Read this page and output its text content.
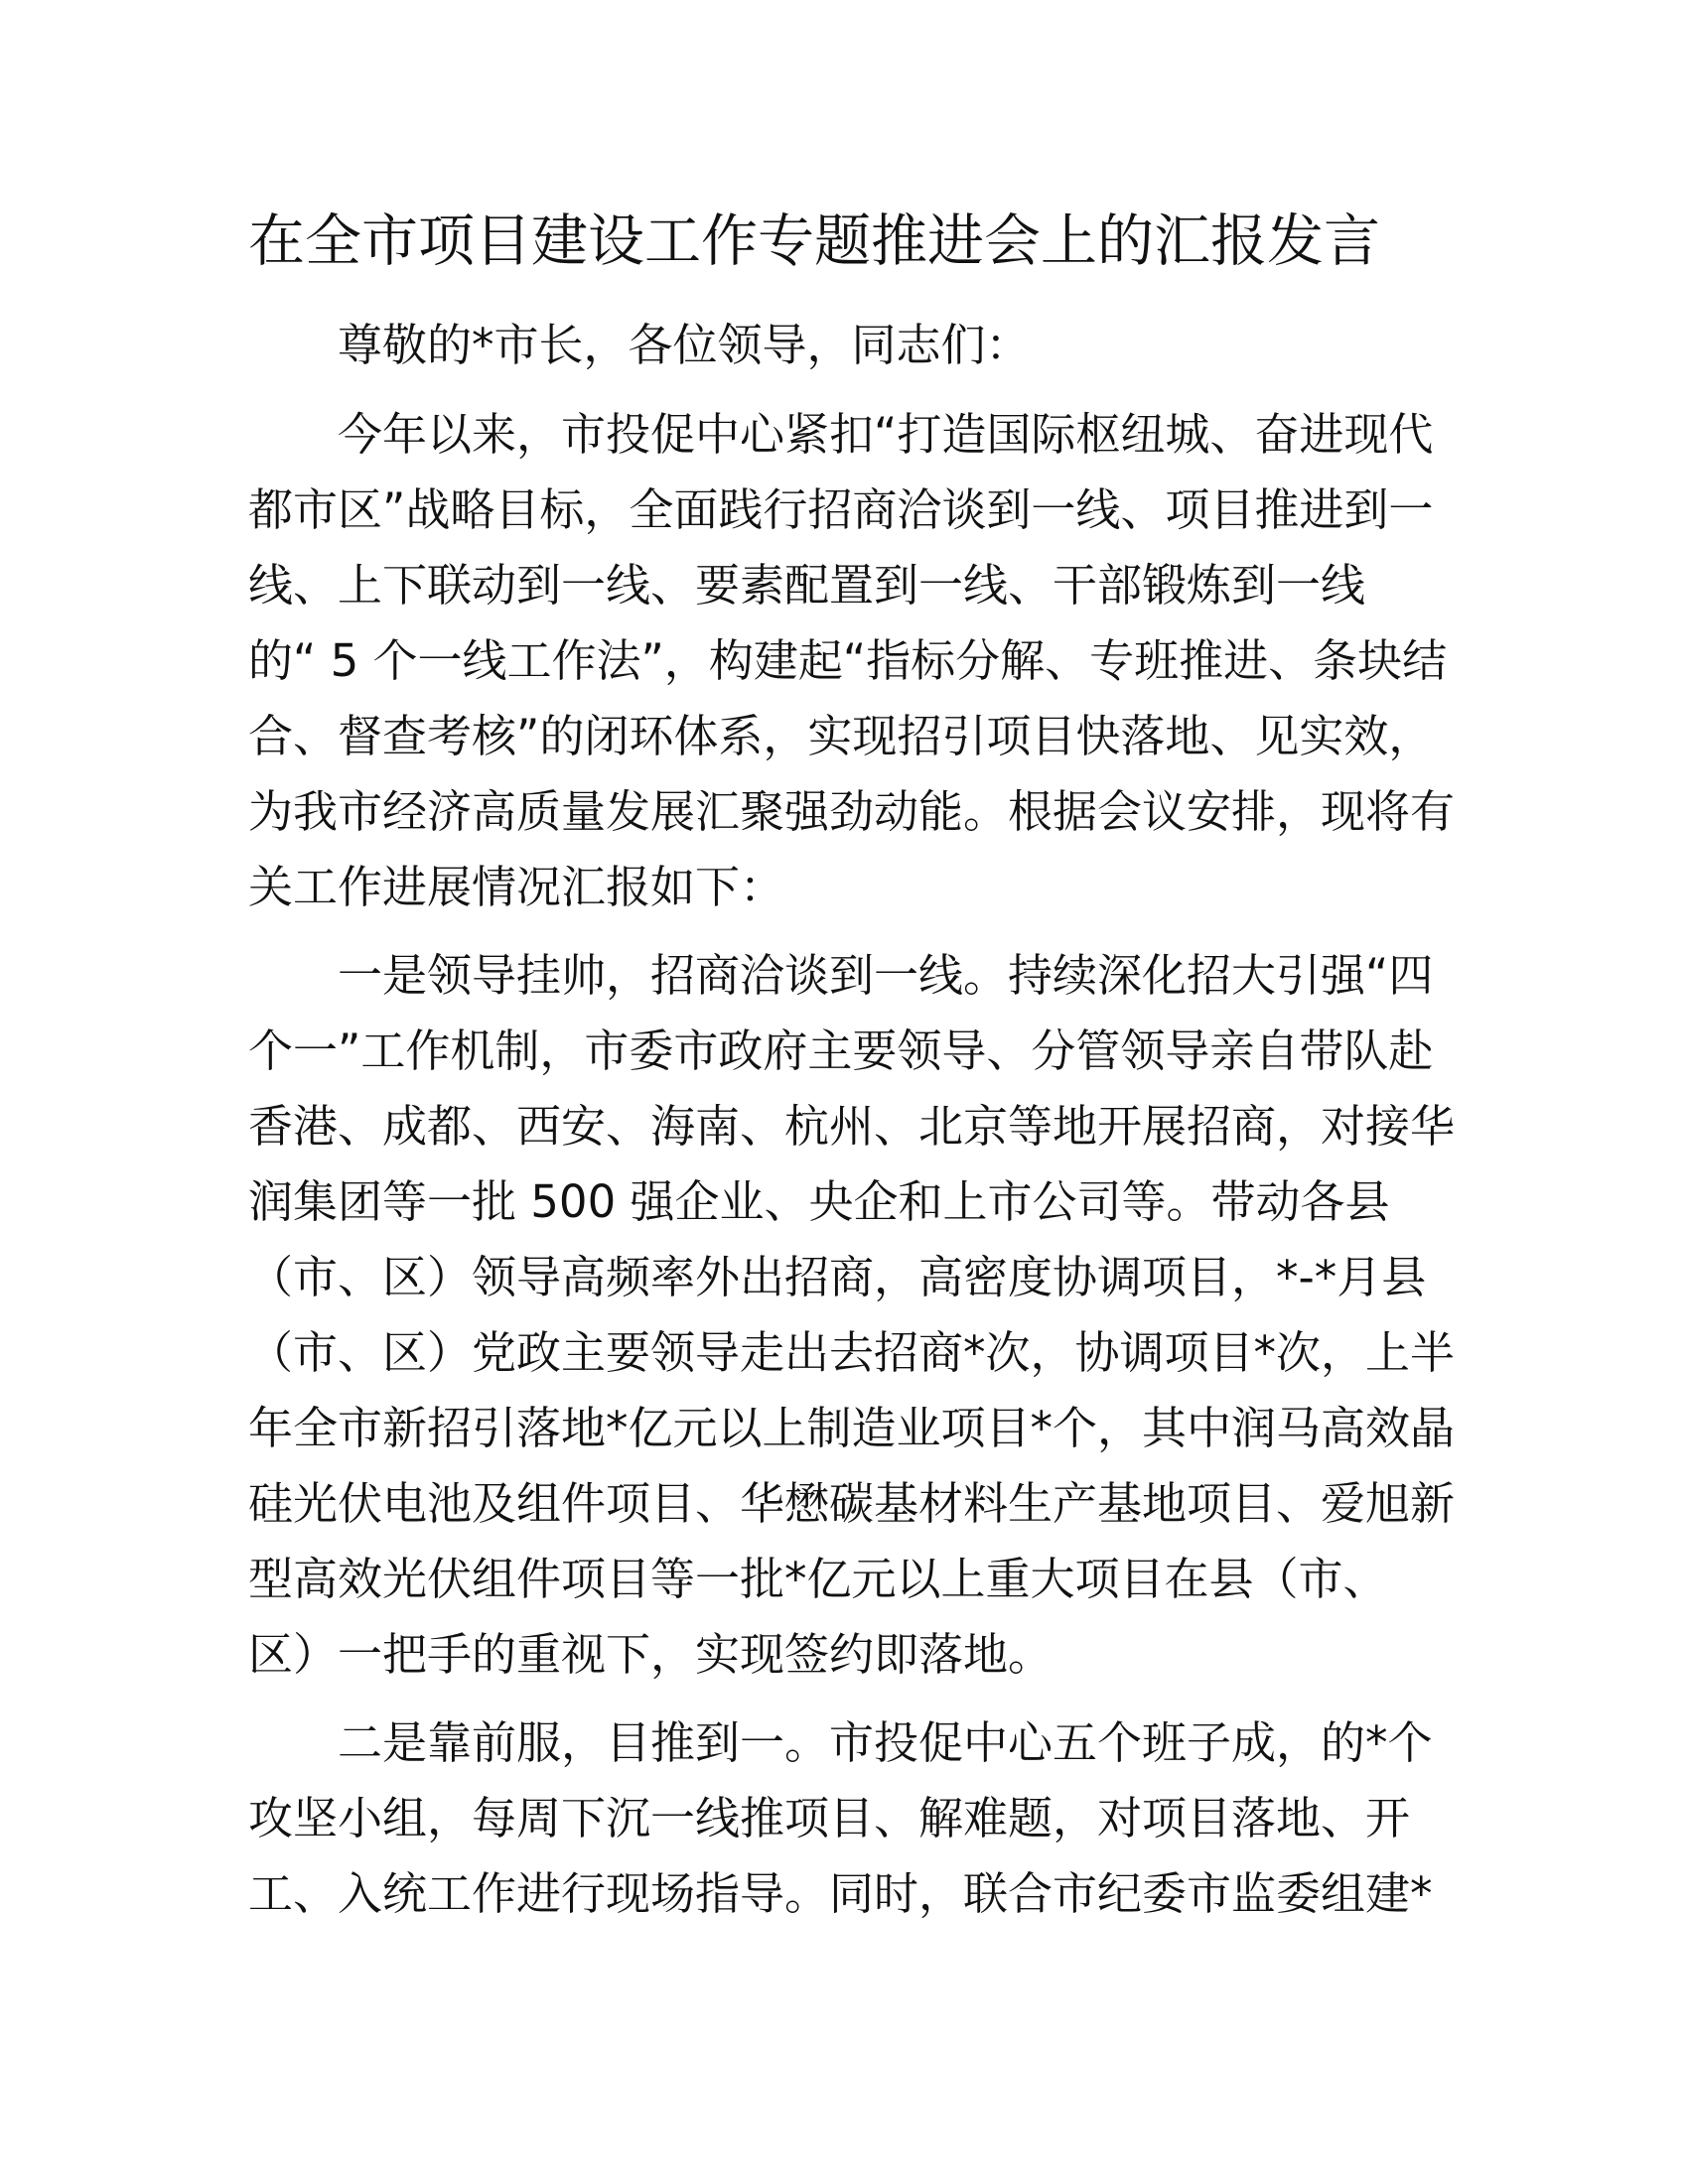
在全市项目建设工作专题推进会上的汇报发言

尊敬的*市长，各位领导，同志们：

今年以来，市投促中心紧扣“打造国际枢纽城、奋进现代

都市区”战略目标，全面践行招商洽谈到一线、项目推进到一

线、上下联动到一线、要素配置到一线、干部锻炼到一线

的“ 5 个一线工作法”，构建起“指标分解、专班推进、条块结

合、督查考核”的闭环体系，实现招引项目快落地、见实效，

为我市经济高质量发展汇聚强劲动能。根据会议安排，现将有

关工作进展情况汇报如下：

一是领导挂帅，招商洽谈到一线。持续深化招大引强“四

个一”工作机制，市委市政府主要领导、分管领导亲自带队赴

香港、成都、西安、海南、杭州、北京等地开展招商，对接华

润集团等一批 500 强企业、央企和上市公司等。带动各县

（市、区）领导高频率外出招商，高密度协调项目，*-*月县

（市、区）党政主要领导走出去招商*次，协调项目*次，上半

年全市新招引落地*亿元以上制造业项目*个，其中润马高效晶

硅光伏电池及组件项目、华懋碳基材料生产基地项目、爱旭新

型高效光伏组件项目等一批*亿元以上重大项目在县（市、

区）一把手的重视下，实现签约即落地。

二是靠前服，目推到一。市投促中心五个班子成，的*个

攻坚小组，每周下沉一线推项目、解难题，对项目落地、开

工、入统工作进行现场指导。同时，联合市纪委市监委组建*
